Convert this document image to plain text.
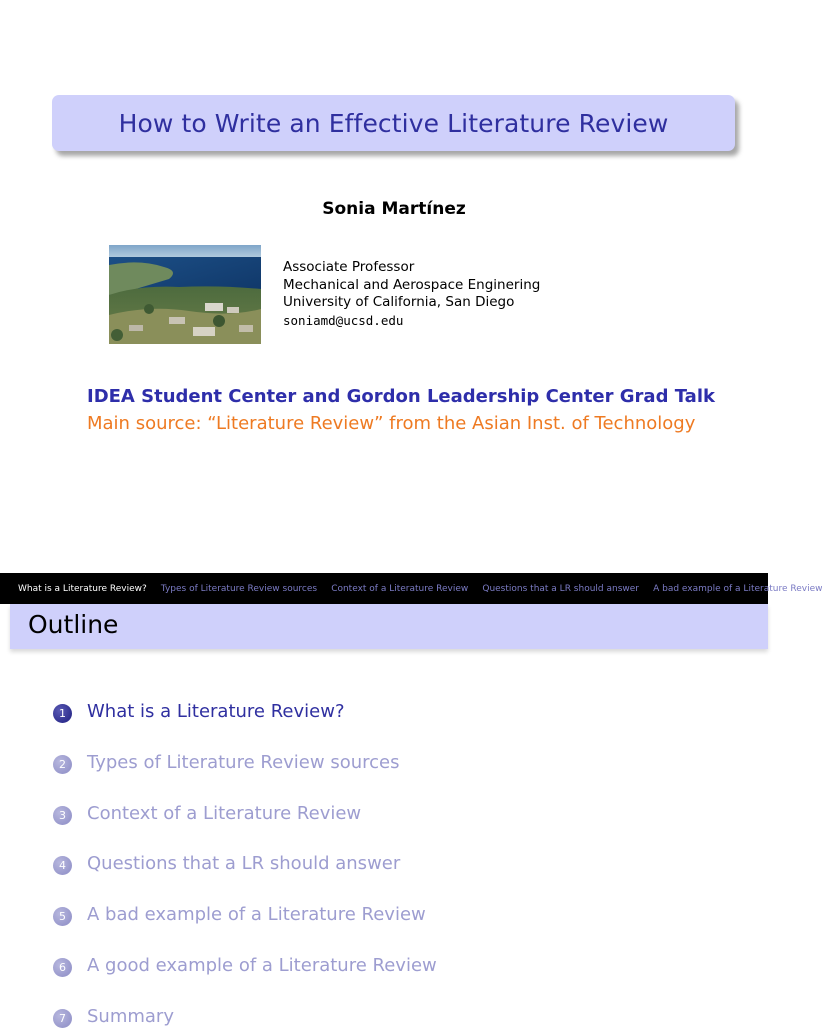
How to Write an Effective Literature Review
Sonia Martínez
Associate Professor
Mechanical and Aerospace Enginering
University of California, San Diego
soniamd@ucsd.edu
IDEA Student Center and Gordon Leadership Center Grad Talk
Main source: “Literature Review” from the Asian Inst. of Technology
What is a Literature Review? Types of Literature Review sources Context of a Literature Review Questions that a LR should answer A bad example of a Literature Review
Outline
1	What is a Literature Review?
2	Types of Literature Review sources
3	Context of a Literature Review
4	Questions that a LR should answer
5	A bad example of a Literature Review
6	A good example of a Literature Review
7	Summary
